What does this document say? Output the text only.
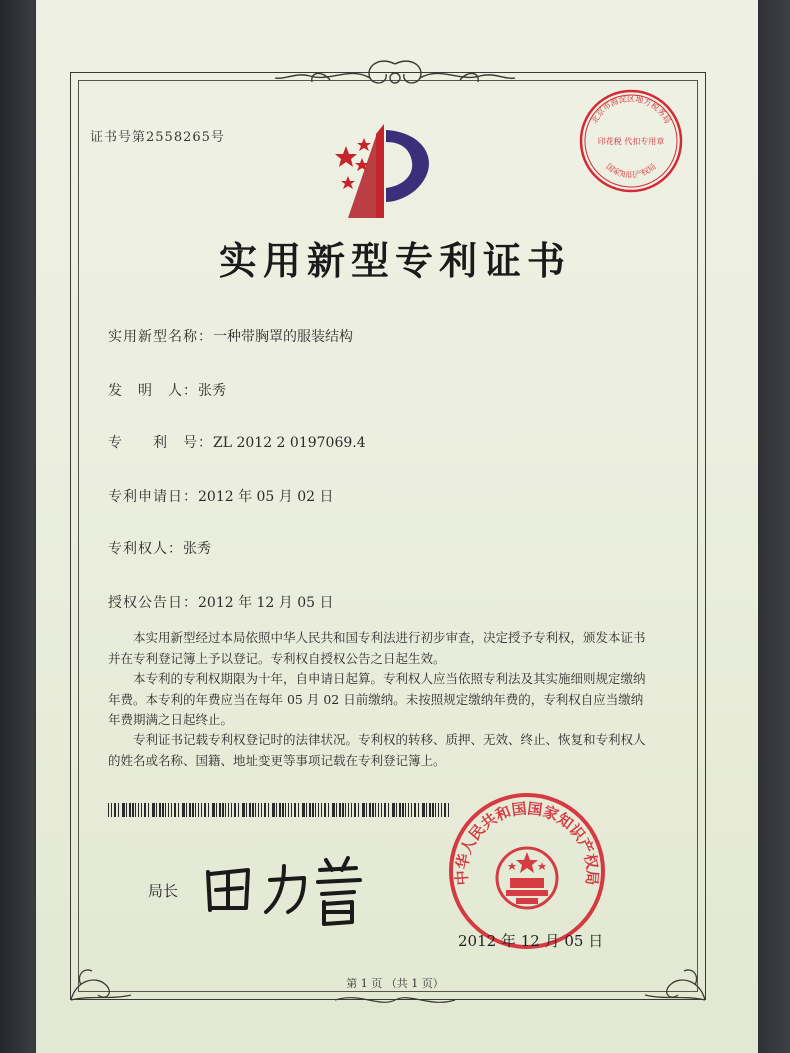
证书号第2558265号
实用新型专利证书
实用新型名称：一种带胸罩的服装结构
发　明　人：张秀
专　　利　号：ZL 2012 2 0197069.4
专利申请日：2012 年 05 月 02 日
专利权人：张秀
授权公告日：2012 年 12 月 05 日
本实用新型经过本局依照中华人民共和国专利法进行初步审查，决定授予专利权，颁发本证书并在专利登记簿上予以登记。专利权自授权公告之日起生效。
本专利的专利权期限为十年，自申请日起算。专利权人应当依照专利法及其实施细则规定缴纳年费。本专利的年费应当在每年 05 月 02 日前缴纳。未按照规定缴纳年费的，专利权自应当缴纳年费期满之日起终止。
专利证书记载专利权登记时的法律状况。专利权的转移、质押、无效、终止、恢复和专利权人的姓名或名称、国籍、地址变更等事项记载在专利登记簿上。
局长
中华人民共和国国家知识产权局
2012 年 12 月 05 日
北京市海淀区地方税务局
国家知识产权局
印花税 代扣专用章
第 1 页 （共 1 页）
